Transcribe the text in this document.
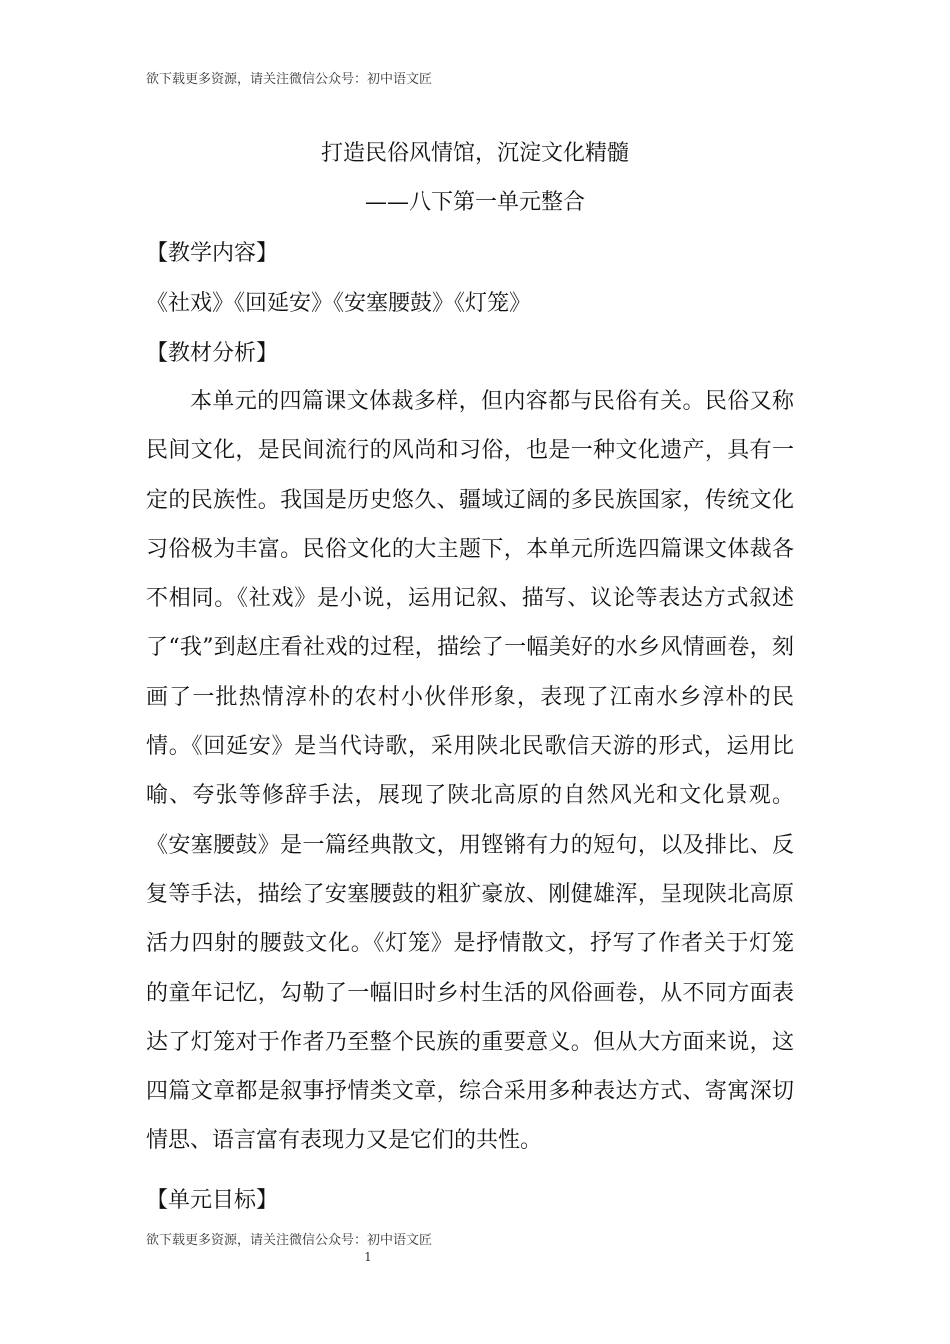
欲下载更多资源，请关注微信公众号：初中语文匠
打造民俗风情馆，沉淀文化精髓
——八下第一单元整合
【教学内容】
《社戏》《回延安》《安塞腰鼓》《灯笼》
【教材分析】
本单元的四篇课文体裁多样，但内容都与民俗有关。民俗又称民间文化，是民间流行的风尚和习俗，也是一种文化遗产，具有一定的民族性。我国是历史悠久、疆域辽阔的多民族国家，传统文化习俗极为丰富。民俗文化的大主题下，本单元所选四篇课文体裁各不相同。《社戏》是小说，运用记叙、描写、议论等表达方式叙述了“我”到赵庄看社戏的过程，描绘了一幅美好的水乡风情画卷，刻画了一批热情淳朴的农村小伙伴形象，表现了江南水乡淳朴的民情。《回延安》是当代诗歌，采用陕北民歌信天游的形式，运用比喻、夸张等修辞手法，展现了陕北高原的自然风光和文化景观。《安塞腰鼓》是一篇经典散文，用铿锵有力的短句，以及排比、反复等手法，描绘了安塞腰鼓的粗犷豪放、刚健雄浑，呈现陕北高原活力四射的腰鼓文化。《灯笼》是抒情散文，抒写了作者关于灯笼的童年记忆，勾勒了一幅旧时乡村生活的风俗画卷，从不同方面表达了灯笼对于作者乃至整个民族的重要意义。但从大方面来说，这四篇文章都是叙事抒情类文章，综合采用多种表达方式、寄寓深切情思、语言富有表现力又是它们的共性。
【单元目标】
欲下载更多资源，请关注微信公众号：初中语文匠
1
